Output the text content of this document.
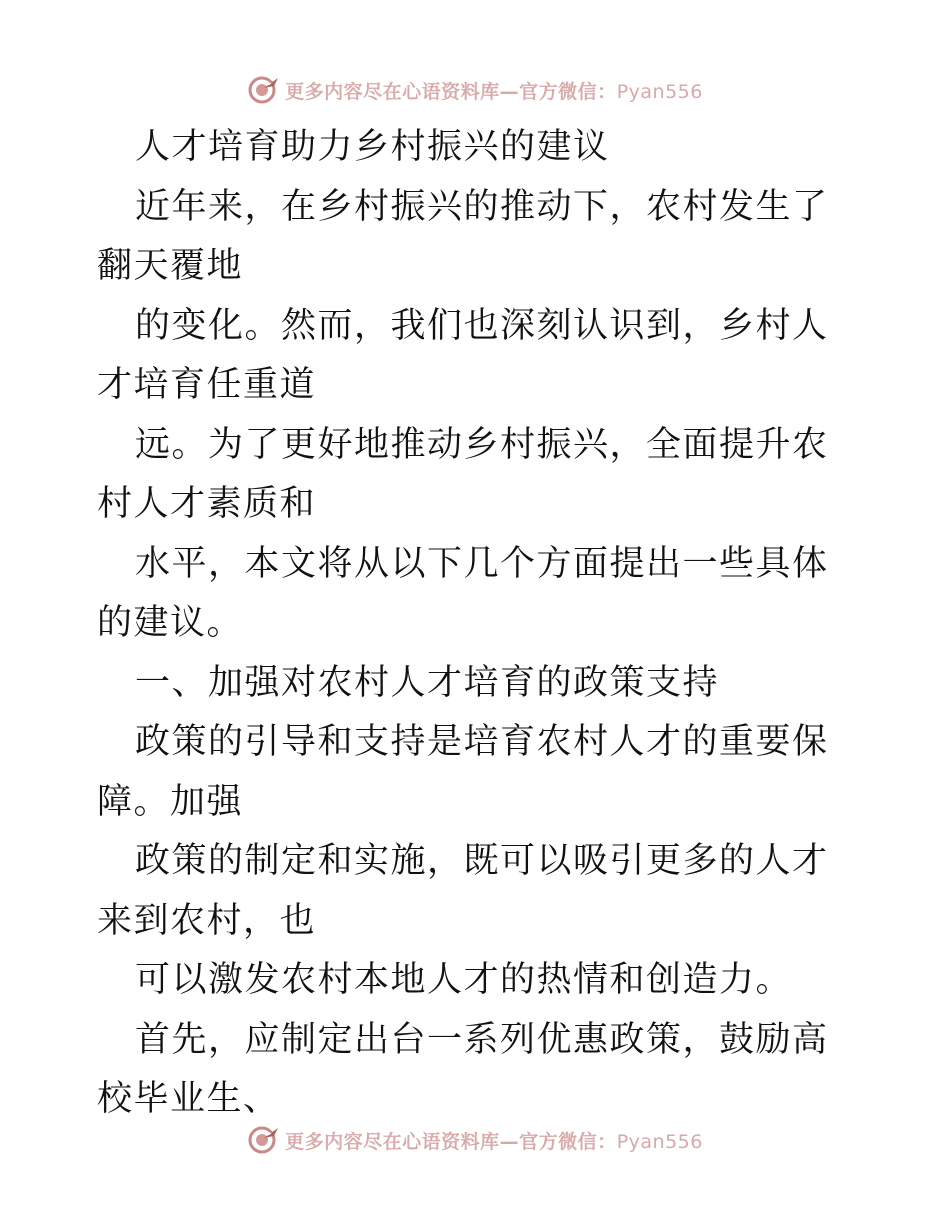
更多内容尽在心语资料库—官方微信：Pyan556

人才培育助力乡村振兴的建议

近年来，在乡村振兴的推动下，农村发生了翻天覆地

的变化。然而，我们也深刻认识到，乡村人才培育任重道

远。为了更好地推动乡村振兴，全面提升农村人才素质和

水平，本文将从以下几个方面提出一些具体的建议。

一、加强对农村人才培育的政策支持

政策的引导和支持是培育农村人才的重要保障。加强

政策的制定和实施，既可以吸引更多的人才来到农村，也

可以激发农村本地人才的热情和创造力。

首先，应制定出台一系列优惠政策，鼓励高校毕业生、

更多内容尽在心语资料库—官方微信：Pyan556
